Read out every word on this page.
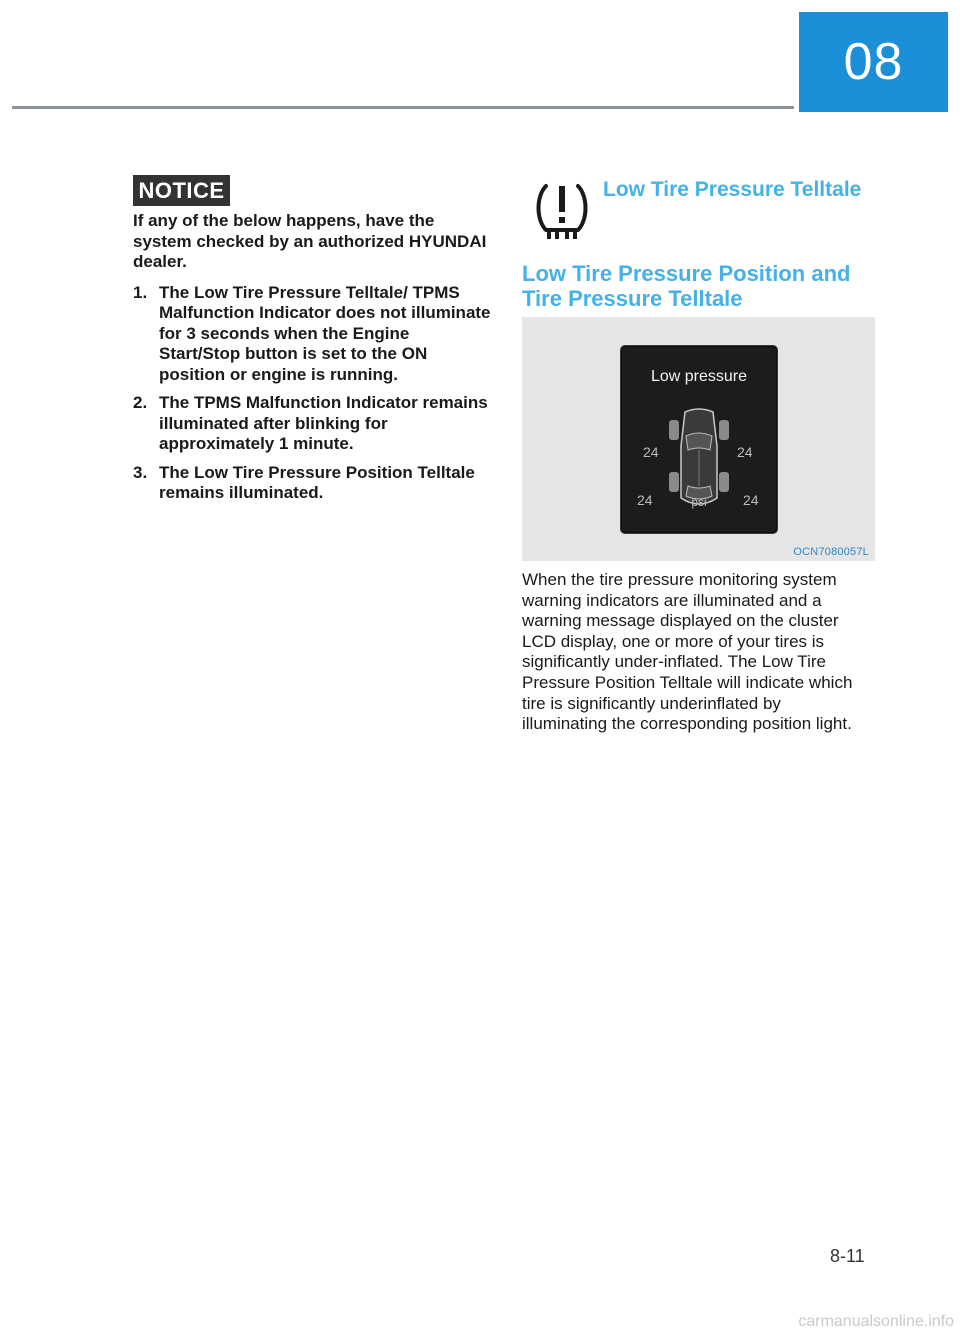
08
NOTICE

If any of the below happens, have the system checked by an authorized HYUNDAI dealer.

1. The Low Tire Pressure Telltale/ TPMS Malfunction Indicator does not illuminate for 3 seconds when the Engine Start/Stop button is set to the ON position or engine is running.
2. The TPMS Malfunction Indicator remains illuminated after blinking for approximately 1 minute.
3. The Low Tire Pressure Position Telltale remains illuminated.
Low Tire Pressure Telltale
Low Tire Pressure Position and Tire Pressure Telltale
Low pressure
24	24
24	24
psi
OCN7080057L

When the tire pressure monitoring system warning indicators are illuminated and a warning message displayed on the cluster LCD display, one or more of your tires is significantly under-inflated. The Low Tire Pressure Position Telltale will indicate which tire is significantly underinflated by illuminating the corresponding position light.

8-11
carmanualsonline.info
